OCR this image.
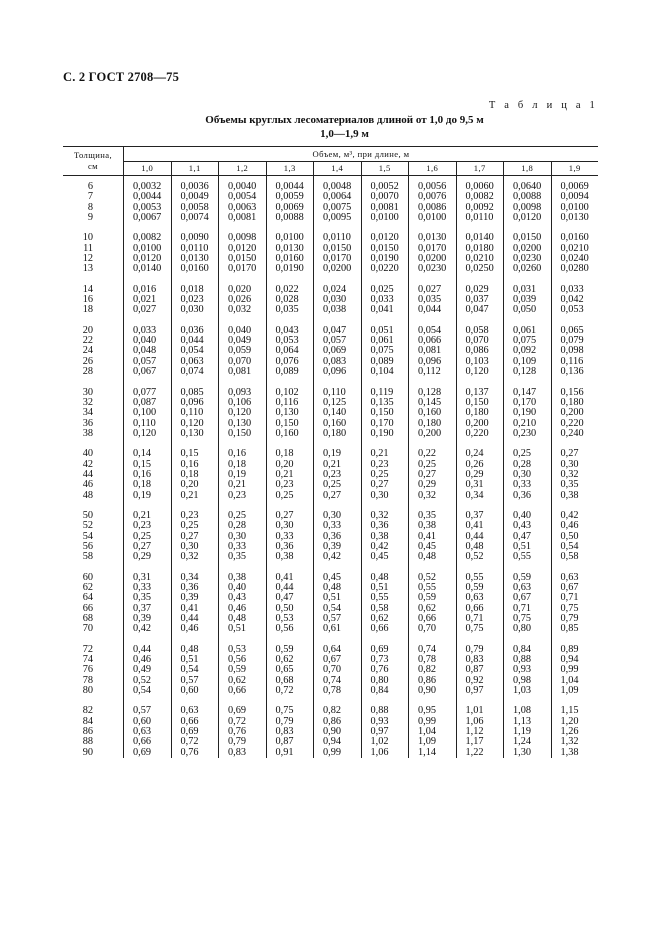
С. 2 ГОСТ 2708—75
Т а б л и ц а 1
Объемы круглых лесоматериалов длиной от 1,0 до 9,5 м
1,0—1,9 м
Толщина,
см	Объем, м³, при длине, м									
	1,0	1,1	1,2	1,3	1,4	1,5	1,6	1,7	1,8	1,9

6	0,0032	0,0036	0,0040	0,0044	0,0048	0,0052	0,0056	0,0060	0,0640	0,0069
7	0,0044	0,0049	0,0054	0,0059	0,0064	0,0070	0,0076	0,0082	0,0088	0,0094
8	0,0053	0,0058	0,0063	0,0069	0,0075	0,0081	0,0086	0,0092	0,0098	0,0100
9	0,0067	0,0074	0,0081	0,0088	0,0095	0,0100	0,0100	0,0110	0,0120	0,0130

10	0,0082	0,0090	0,0098	0,0100	0,0110	0,0120	0,0130	0,0140	0,0150	0,0160
11	0,0100	0,0110	0,0120	0,0130	0,0150	0,0150	0,0170	0,0180	0,0200	0,0210
12	0,0120	0,0130	0,0150	0,0160	0,0170	0,0190	0,0200	0,0210	0,0230	0,0240
13	0,0140	0,0160	0,0170	0,0190	0,0200	0,0220	0,0230	0,0250	0,0260	0,0280

14	0,016	0,018	0,020	0,022	0,024	0,025	0,027	0,029	0,031	0,033
16	0,021	0,023	0,026	0,028	0,030	0,033	0,035	0,037	0,039	0,042
18	0,027	0,030	0,032	0,035	0,038	0,041	0,044	0,047	0,050	0,053

20	0,033	0,036	0,040	0,043	0,047	0,051	0,054	0,058	0,061	0,065
22	0,040	0,044	0,049	0,053	0,057	0,061	0,066	0,070	0,075	0,079
24	0,048	0,054	0,059	0,064	0,069	0,075	0,081	0,086	0,092	0,098
26	0,057	0,063	0,070	0,076	0,083	0,089	0,096	0,103	0,109	0,116
28	0,067	0,074	0,081	0,089	0,096	0,104	0,112	0,120	0,128	0,136

30	0,077	0,085	0,093	0,102	0,110	0,119	0,128	0,137	0,147	0,156
32	0,087	0,096	0,106	0,116	0,125	0,135	0,145	0,150	0,170	0,180
34	0,100	0,110	0,120	0,130	0,140	0,150	0,160	0,180	0,190	0,200
36	0,110	0,120	0,130	0,150	0,160	0,170	0,180	0,200	0,210	0,220
38	0,120	0,130	0,150	0,160	0,180	0,190	0,200	0,220	0,230	0,240

40	0,14	0,15	0,16	0,18	0,19	0,21	0,22	0,24	0,25	0,27
42	0,15	0,16	0,18	0,20	0,21	0,23	0,25	0,26	0,28	0,30
44	0,16	0,18	0,19	0,21	0,23	0,25	0,27	0,29	0,30	0,32
46	0,18	0,20	0,21	0,23	0,25	0,27	0,29	0,31	0,33	0,35
48	0,19	0,21	0,23	0,25	0,27	0,30	0,32	0,34	0,36	0,38

50	0,21	0,23	0,25	0,27	0,30	0,32	0,35	0,37	0,40	0,42
52	0,23	0,25	0,28	0,30	0,33	0,36	0,38	0,41	0,43	0,46
54	0,25	0,27	0,30	0,33	0,36	0,38	0,41	0,44	0,47	0,50
56	0,27	0,30	0,33	0,36	0,39	0,42	0,45	0,48	0,51	0,54
58	0,29	0,32	0,35	0,38	0,42	0,45	0,48	0,52	0,55	0,58

60	0,31	0,34	0,38	0,41	0,45	0,48	0,52	0,55	0,59	0,63
62	0,33	0,36	0,40	0,44	0,48	0,51	0,55	0,59	0,63	0,67
64	0,35	0,39	0,43	0,47	0,51	0,55	0,59	0,63	0,67	0,71
66	0,37	0,41	0,46	0,50	0,54	0,58	0,62	0,66	0,71	0,75
68	0,39	0,44	0,48	0,53	0,57	0,62	0,66	0,71	0,75	0,79
70	0,42	0,46	0,51	0,56	0,61	0,66	0,70	0,75	0,80	0,85

72	0,44	0,48	0,53	0,59	0,64	0,69	0,74	0,79	0,84	0,89
74	0,46	0,51	0,56	0,62	0,67	0,73	0,78	0,83	0,88	0,94
76	0,49	0,54	0,59	0,65	0,70	0,76	0,82	0,87	0,93	0,99
78	0,52	0,57	0,62	0,68	0,74	0,80	0,86	0,92	0,98	1,04
80	0,54	0,60	0,66	0,72	0,78	0,84	0,90	0,97	1,03	1,09

82	0,57	0,63	0,69	0,75	0,82	0,88	0,95	1,01	1,08	1,15
84	0,60	0,66	0,72	0,79	0,86	0,93	0,99	1,06	1,13	1,20
86	0,63	0,69	0,76	0,83	0,90	0,97	1,04	1,12	1,19	1,26
88	0,66	0,72	0,79	0,87	0,94	1,02	1,09	1,17	1,24	1,32
90	0,69	0,76	0,83	0,91	0,99	1,06	1,14	1,22	1,30	1,38
